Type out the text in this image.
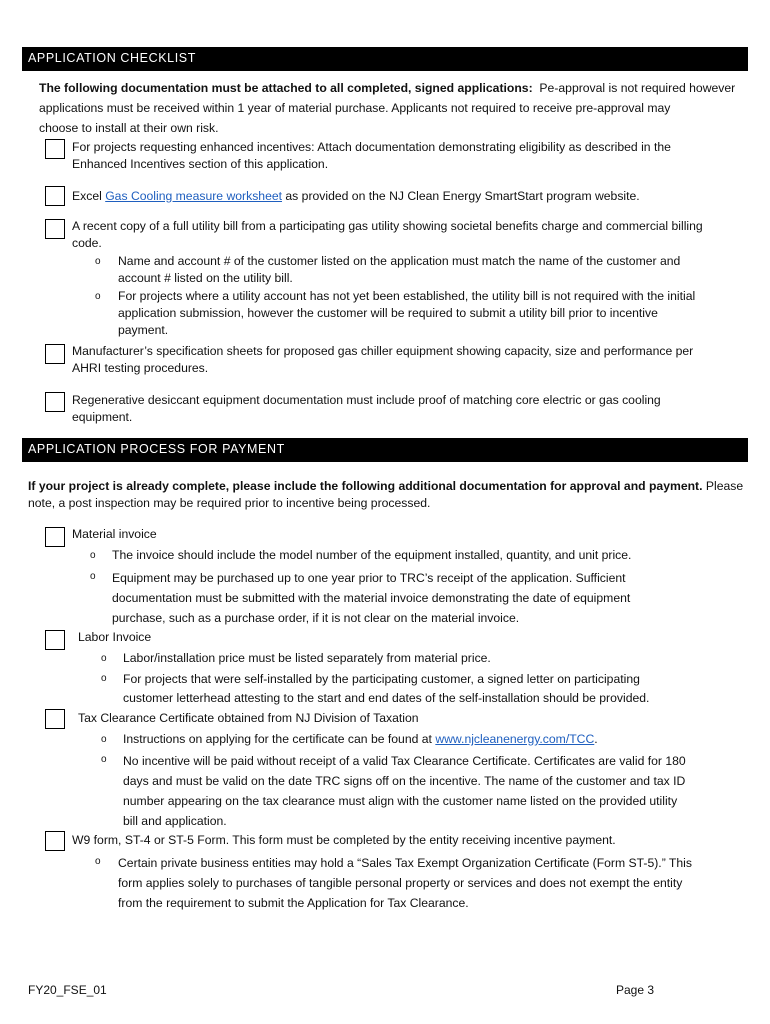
APPLICATION CHECKLIST
The following documentation must be attached to all completed, signed applications: Pe-approval is not required however
applications must be received within 1 year of material purchase. Applicants not required to receive pre-approval may
choose to install at their own risk.
For projects requesting enhanced incentives: Attach documentation demonstrating eligibility as described in the
Enhanced Incentives section of this application.
Excel Gas Cooling measure worksheet as provided on the NJ Clean Energy SmartStart program website.
A recent copy of a full utility bill from a participating gas utility showing societal benefits charge and commercial billing
code.
o Name and account # of the customer listed on the application must match the name of the customer and
account # listed on the utility bill.
o For projects where a utility account has not yet been established, the utility bill is not required with the initial
application submission, however the customer will be required to submit a utility bill prior to incentive
payment.
Manufacturer’s specification sheets for proposed gas chiller equipment showing capacity, size and performance per
AHRI testing procedures.
Regenerative desiccant equipment documentation must include proof of matching core electric or gas cooling
equipment.
APPLICATION PROCESS FOR PAYMENT
If your project is already complete, please include the following additional documentation for approval and payment. Please
note, a post inspection may be required prior to incentive being processed.
Material invoice
o The invoice should include the model number of the equipment installed, quantity, and unit price.
o Equipment may be purchased up to one year prior to TRC’s receipt of the application. Sufficient
documentation must be submitted with the material invoice demonstrating the date of equipment
purchase, such as a purchase order, if it is not clear on the material invoice.
Labor Invoice
o Labor/installation price must be listed separately from material price.
o For projects that were self-installed by the participating customer, a signed letter on participating
customer letterhead attesting to the start and end dates of the self-installation should be provided.
Tax Clearance Certificate obtained from NJ Division of Taxation
o Instructions on applying for the certificate can be found at www.njcleanenergy.com/TCC.
o No incentive will be paid without receipt of a valid Tax Clearance Certificate. Certificates are valid for 180
days and must be valid on the date TRC signs off on the incentive. The name of the customer and tax ID
number appearing on the tax clearance must align with the customer name listed on the provided utility
bill and application.
W9 form, ST-4 or ST-5 Form. This form must be completed by the entity receiving incentive payment.
o Certain private business entities may hold a “Sales Tax Exempt Organization Certificate (Form ST-5).” This
form applies solely to purchases of tangible personal property or services and does not exempt the entity
from the requirement to submit the Application for Tax Clearance.
FY20_FSE_01	Page 3
